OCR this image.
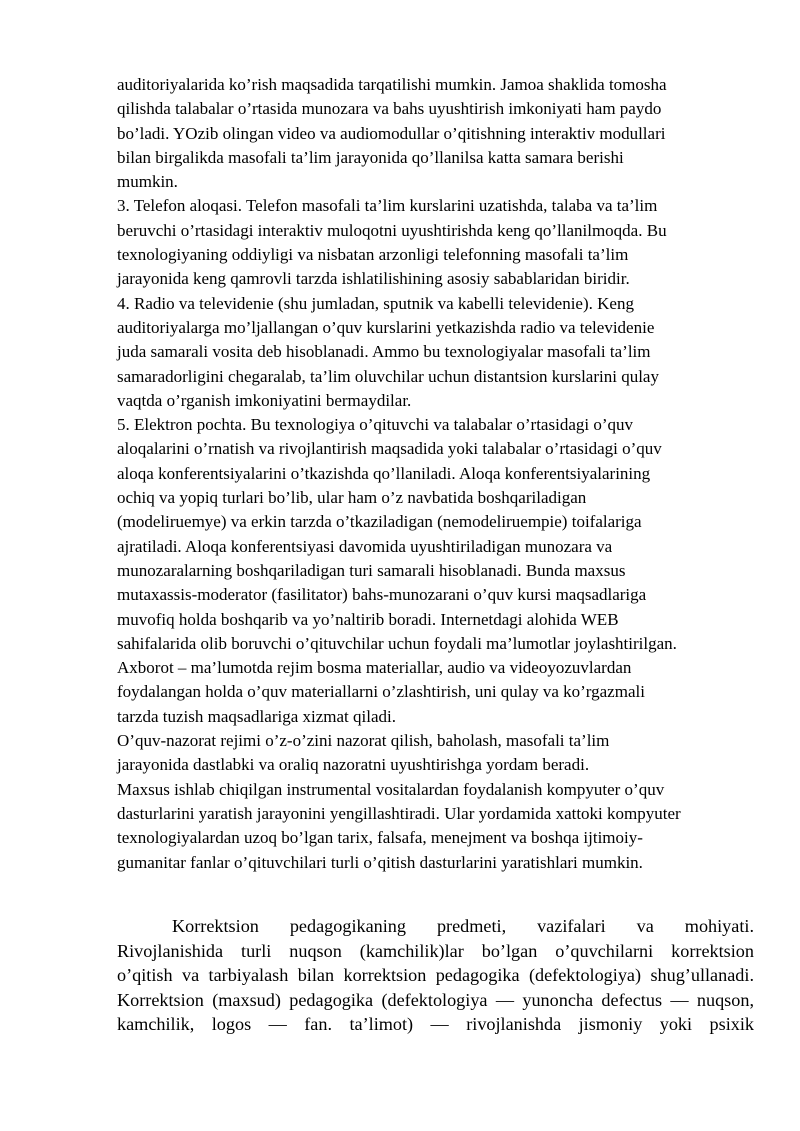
auditoriyalarida ko’rish maqsadida tarqatilishi mumkin. Jamoa shaklida tomosha
qilishda talabalar o’rtasida munozara va bahs uyushtirish imkoniyati ham paydo
bo’ladi. YOzib olingan video va audiomodullar o’qitishning interaktiv modullari
bilan birgalikda masofali ta’lim jarayonida qo’llanilsa katta samara berishi
mumkin.
3. Telefon aloqasi. Telefon masofali ta’lim kurslarini uzatishda, talaba va ta’lim
beruvchi o’rtasidagi interaktiv muloqotni uyushtirishda keng qo’llanilmoqda. Bu
texnologiyaning oddiyligi va nisbatan arzonligi telefonning masofali ta’lim
jarayonida keng qamrovli tarzda ishlatilishining asosiy sabablaridan biridir.
4. Radio va televidenie (shu jumladan, sputnik va kabelli televidenie). Keng
auditoriyalarga mo’ljallangan o’quv kurslarini yetkazishda radio va televidenie
juda samarali vosita deb hisoblanadi. Ammo bu texnologiyalar masofali ta’lim
samaradorligini chegaralab, ta’lim oluvchilar uchun distantsion kurslarini qulay
vaqtda o’rganish imkoniyatini bermaydilar.
5. Elektron pochta. Bu texnologiya o’qituvchi va talabalar o’rtasidagi o’quv
aloqalarini o’rnatish va rivojlantirish maqsadida yoki talabalar o’rtasidagi o’quv
aloqa konferentsiyalarini o’tkazishda qo’llaniladi. Aloqa konferentsiyalarining
ochiq va yopiq turlari bo’lib, ular ham o’z navbatida boshqariladigan
(modeliruemye) va erkin tarzda o’tkaziladigan (nemodeliruempie) toifalariga
ajratiladi. Aloqa konferentsiyasi davomida uyushtiriladigan munozara va
munozaralarning boshqariladigan turi samarali hisoblanadi. Bunda maxsus
mutaxassis-moderator (fasilitator) bahs-munozarani o’quv kursi maqsadlariga
muvofiq holda boshqarib va yo’naltirib boradi. Internetdagi alohida WEB
sahifalarida olib boruvchi o’qituvchilar uchun foydali ma’lumotlar joylashtirilgan.
Axborot – ma’lumotda rejim bosma materiallar, audio va videoyozuvlardan
foydalangan holda o’quv materiallarni o’zlashtirish, uni qulay va ko’rgazmali
tarzda tuzish maqsadlariga xizmat qiladi.
O’quv-nazorat rejimi o’z-o’zini nazorat qilish, baholash, masofali ta’lim
jarayonida dastlabki va oraliq nazoratni uyushtirishga yordam beradi.
Maxsus ishlab chiqilgan instrumental vositalardan foydalanish kompyuter o’quv
dasturlarini yaratish jarayonini yengillashtiradi. Ular yordamida xattoki kompyuter
texnologiyalardan uzoq bo’lgan tarix, falsafa, menejment va boshqa ijtimoiy-
gumanitar fanlar o’qituvchilari turli o’qitish dasturlarini yaratishlari mumkin.
Korrektsion pedagogikaning predmeti, vazifalari va mohiyati.
Rivojlanishida turli nuqson (kamchilik)lar bo’lgan o’quvchilarni korrektsion
o’qitish va tarbiyalash bilan korrektsion pedagogika (defektologiya) shug’ullanadi.
Korrektsion (maxsud) pedagogika (defektologiya — yunoncha defectus — nuqson,
kamchilik, logos — fan. ta’limot) — rivojlanishda jismoniy yoki psixik
